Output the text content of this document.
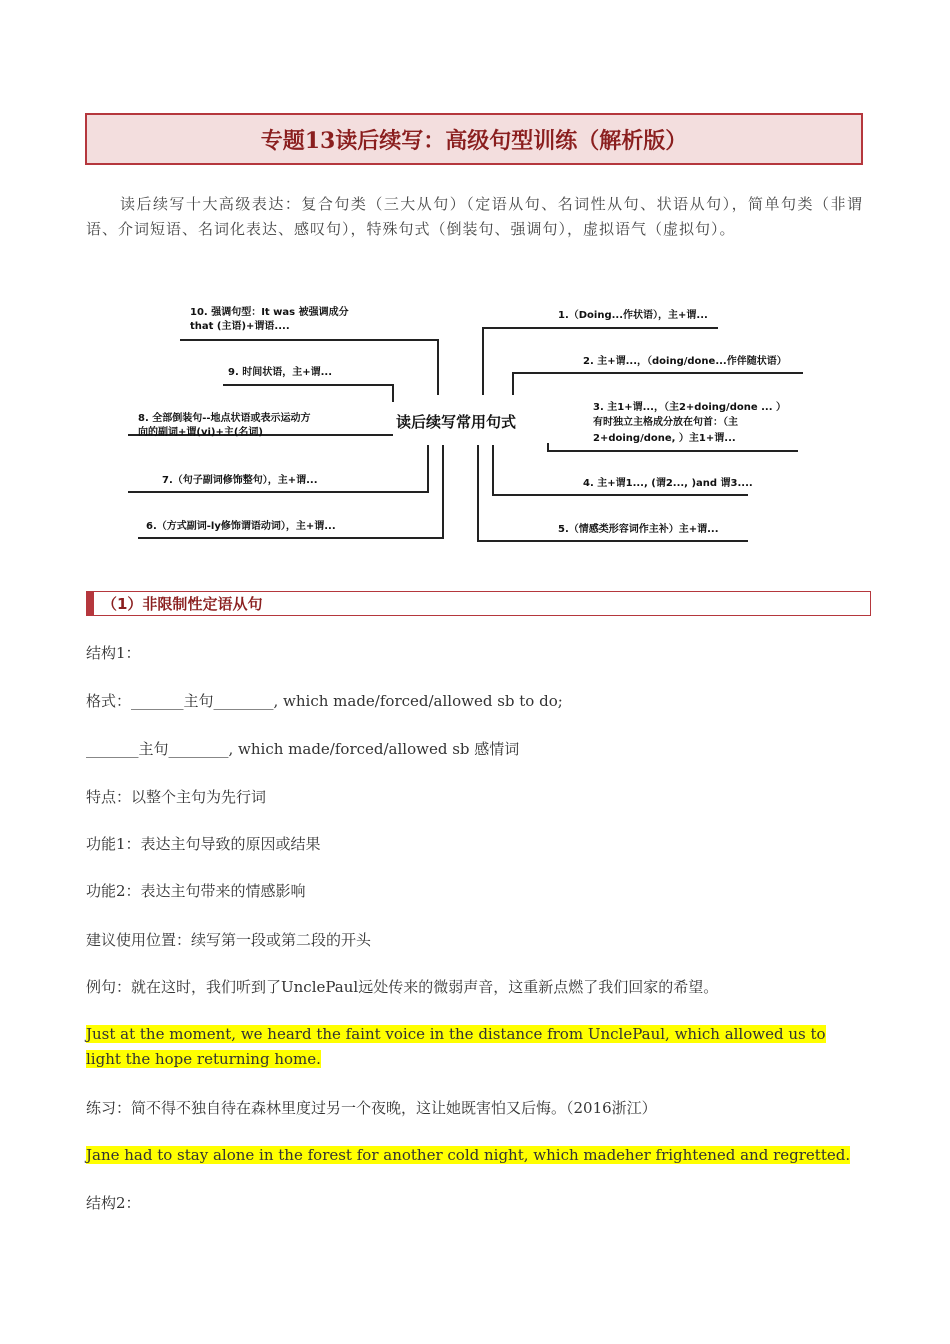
专题13读后续写：高级句型训练（解析版）
读后续写十大高级表达：复合句类（三大从句）（定语从句、名词性从句、状语从句），简单句类（非谓语、介词短语、名词化表达、感叹句），特殊句式（倒装句、强调句），虚拟语气（虚拟句）。
读后续写常用句式
10. 强调句型：It was 被强调成分
that (主语)+谓语....
9. 时间状语，主+谓...
8. 全部倒装句--地点状语或表示运动方
向的副词+谓(vi)+主(名词)
7.（句子副词修饰整句），主+谓...
6.（方式副词-ly修饰谓语动词），主+谓...
1.（Doing...作状语），主+谓...
2. 主+谓...，（doing/done...作伴随状语）
3. 主1+谓...，（主2+doing/done ... ）
有时独立主格成分放在句首：（主
2+doing/done, ）主1+谓...
4. 主+谓1..., (谓2..., )and 谓3....
5.（情感类形容词作主补）主+谓...
（1）非限制性定语从句
结构1：
格式：_______主句________, which made/forced/allowed sb to do;
_______主句________, which made/forced/allowed sb 感情词
特点：以整个主句为先行词
功能1：表达主句导致的原因或结果
功能2：表达主句带来的情感影响
建议使用位置：续写第一段或第二段的开头
例句：就在这时，我们听到了UnclePaul远处传来的微弱声音，这重新点燃了我们回家的希望。
Just at the moment, we heard the faint voice in the distance from UnclePaul, which allowed us to light the hope returning home.
练习：简不得不独自待在森林里度过另一个夜晚，这让她既害怕又后悔。（2016浙江）
Jane had to stay alone in the forest for another cold night, which madeher frightened and regretted.
结构2：
